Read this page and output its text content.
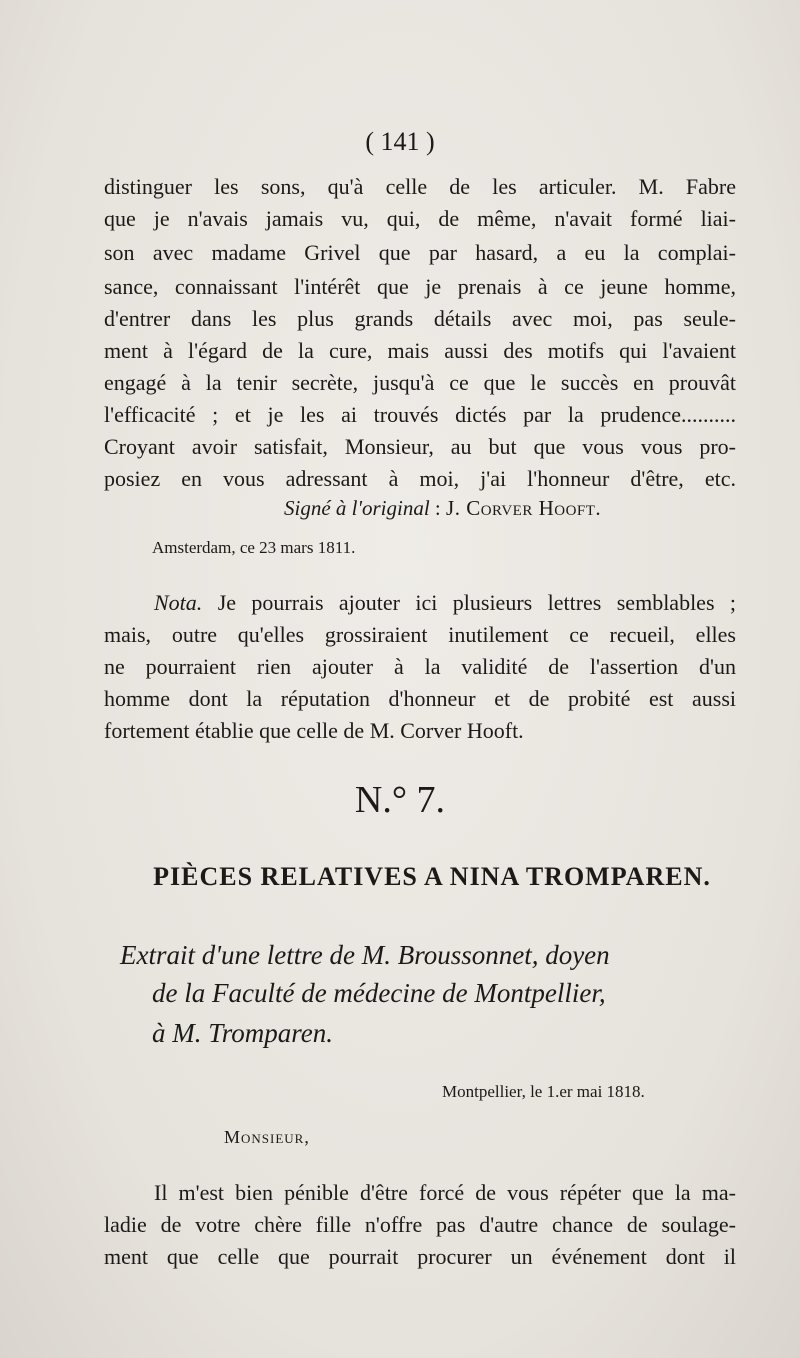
( 141 )
distinguer les sons, qu'à celle de les articuler. M. Fabre
que je n'avais jamais vu, qui, de même, n'avait formé liai-
son avec madame Grivel que par hasard, a eu la complai-
sance, connaissant l'intérêt que je prenais à ce jeune homme,
d'entrer dans les plus grands détails avec moi, pas seule-
ment à l'égard de la cure, mais aussi des motifs qui l'avaient
engagé à la tenir secrète, jusqu'à ce que le succès en prouvât
l'efficacité ; et je les ai trouvés dictés par la prudence..........
Croyant avoir satisfait, Monsieur, au but que vous vous pro-
posiez en vous adressant à moi, j'ai l'honneur d'être, etc.
Signé à l'original : J. Corver Hooft.
Amsterdam, ce 23 mars 1811.
Nota. Je pourrais ajouter ici plusieurs lettres semblables ;
mais, outre qu'elles grossiraient inutilement ce recueil, elles
ne pourraient rien ajouter à la validité de l'assertion d'un
homme dont la réputation d'honneur et de probité est aussi
fortement établie que celle de M. Corver Hooft.
N.° 7.
PIÈCES RELATIVES A NINA TROMPAREN.
Extrait d'une lettre de M. Broussonnet, doyen
de la Faculté de médecine de Montpellier,
à M. Tromparen.
Montpellier, le 1.er mai 1818.
Monsieur,
Il m'est bien pénible d'être forcé de vous répéter que la ma-
ladie de votre chère fille n'offre pas d'autre chance de soulage-
ment que celle que pourrait procurer un événement dont il
